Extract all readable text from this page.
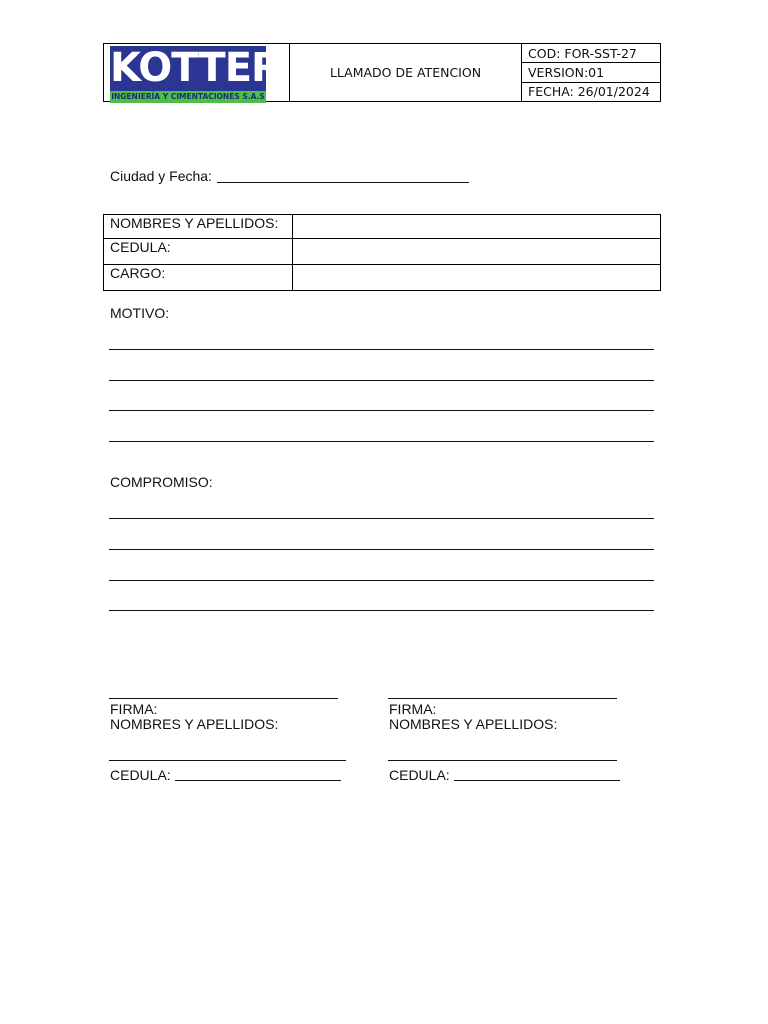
KOTTER
INGENIERÍA Y CIMENTACIONES S.A.S
LLAMADO DE ATENCION
COD: FOR-SST-27
VERSION:01
FECHA: 26/01/2024
Ciudad y Fecha:
NOMBRES Y APELLIDOS:	
CEDULA:	
CARGO:	
MOTIVO:
COMPROMISO:
FIRMA:
NOMBRES Y APELLIDOS:
CEDULA:
FIRMA:
NOMBRES Y APELLIDOS:
CEDULA:
